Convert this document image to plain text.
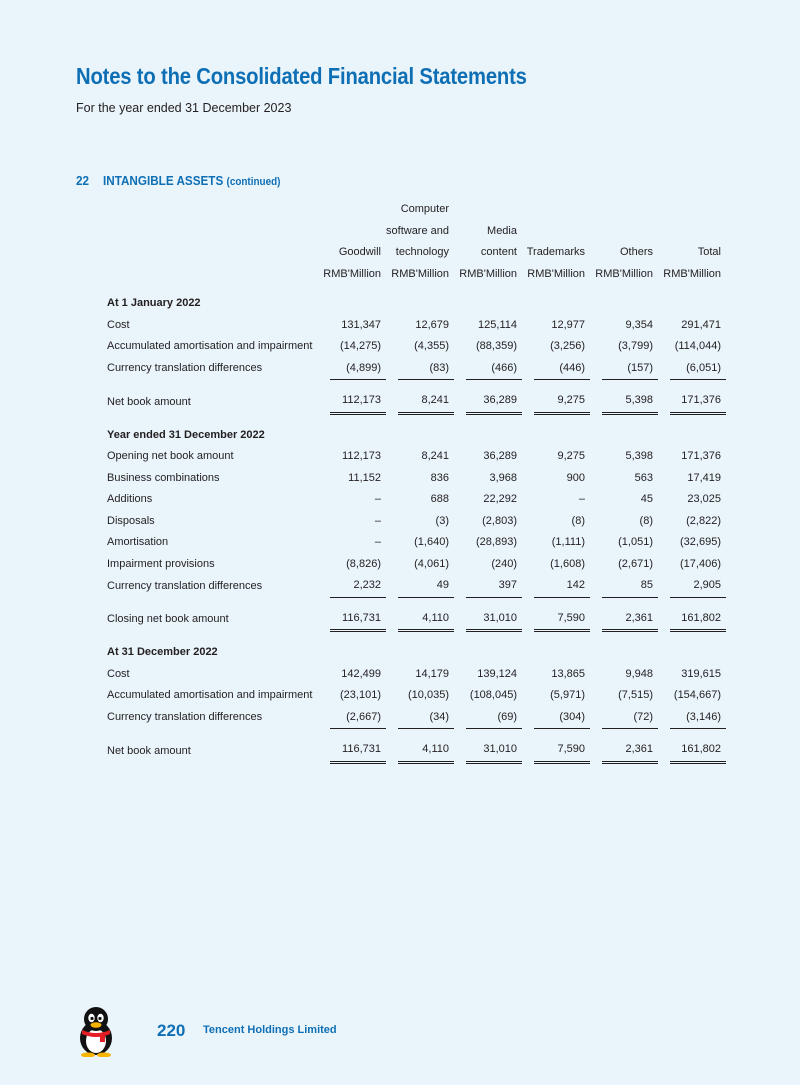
Notes to the Consolidated Financial Statements
For the year ended 31 December 2023
22 INTANGIBLE ASSETS (continued)

		Computer				

		software and	Media			

	Goodwill	technology	content	Trademarks	Others	Total

	RMB'Million	RMB'Million	RMB'Million	RMB'Million	RMB'Million	RMB'Million

At 1 January 2022						
Cost	131,347	12,679	125,114	12,977	9,354	291,471

Accumulated amortisation and impairment	(14,275)	(4,355)	(88,359)	(3,256)	(3,799)	(114,044)

Currency translation differences	(4,899)	(83)	(466)	(446)	(157)	(6,051)

Net book amount	112,173	8,241	36,289	9,275	5,398	171,376

Year ended 31 December 2022						
Opening net book amount	112,173	8,241	36,289	9,275	5,398	171,376

Business combinations	11,152	836	3,968	900	563	17,419

Additions	–	688	22,292	–	45	23,025

Disposals	–	(3)	(2,803)	(8)	(8)	(2,822)

Amortisation	–	(1,640)	(28,893)	(1,111)	(1,051)	(32,695)

Impairment provisions	(8,826)	(4,061)	(240)	(1,608)	(2,671)	(17,406)

Currency translation differences	2,232	49	397	142	85	2,905

Closing net book amount	116,731	4,110	31,010	7,590	2,361	161,802

At 31 December 2022						
Cost	142,499	14,179	139,124	13,865	9,948	319,615

Accumulated amortisation and impairment	(23,101)	(10,035)	(108,045)	(5,971)	(7,515)	(154,667)

Currency translation differences	(2,667)	(34)	(69)	(304)	(72)	(3,146)

Net book amount	116,731	4,110	31,010	7,590	2,361	161,802
220 Tencent Holdings Limited
